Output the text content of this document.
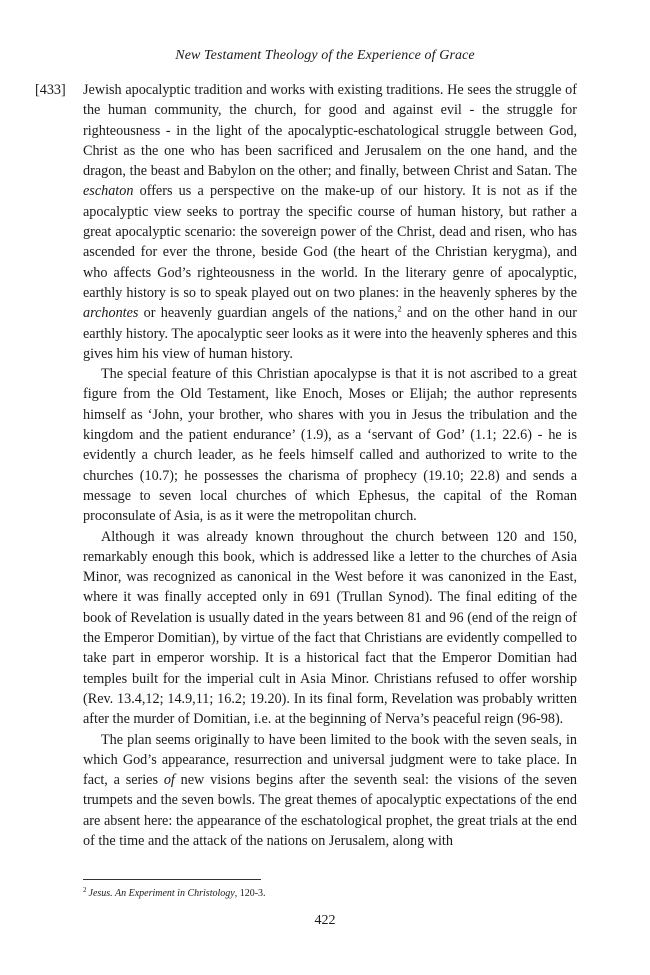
New Testament Theology of the Experience of Grace
[433] Jewish apocalyptic tradition and works with existing traditions. He sees the struggle of the human community, the church, for good and against evil - the struggle for righteousness - in the light of the apocalyptic-eschatological struggle between God, Christ as the one who has been sacrificed and Jerusalem on the one hand, and the dragon, the beast and Babylon on the other; and finally, between Christ and Satan. The eschaton offers us a perspective on the make-up of our history. It is not as if the apocalyptic view seeks to portray the specific course of human history, but rather a great apocalyptic scenario: the sovereign power of the Christ, dead and risen, who has ascended for ever the throne, beside God (the heart of the Christian kerygma), and who affects God’s righteousness in the world. In the literary genre of apocalyptic, earthly history is so to speak played out on two planes: in the heavenly spheres by the archontes or heavenly guardian angels of the nations,$^2$ and on the other hand in our earthly history. The apocalyptic seer looks as it were into the heavenly spheres and this gives him his view of human history.

The special feature of this Christian apocalypse is that it is not ascribed to a great figure from the Old Testament, like Enoch, Moses or Elijah; the author represents himself as ‘John, your brother, who shares with you in Jesus the tribulation and the kingdom and the patient endurance’ (1.9), as a ‘servant of God’ (1.1; 22.6) - he is evidently a church leader, as he feels himself called and authorized to write to the churches (10.7); he possesses the charisma of prophecy (19.10; 22.8) and sends a message to seven local churches of which Ephesus, the capital of the Roman proconsulate of Asia, is as it were the metropolitan church.

Although it was already known throughout the church between 120 and 150, remarkably enough this book, which is addressed like a letter to the churches of Asia Minor, was recognized as canonical in the West before it was canonized in the East, where it was finally accepted only in 691 (Trullan Synod). The final editing of the book of Revelation is usually dated in the years between 81 and 96 (end of the reign of the Emperor Domitian), by virtue of the fact that Christians are evidently compelled to take part in emperor worship. It is a historical fact that the Emperor Domitian had temples built for the imperial cult in Asia Minor. Christians refused to offer worship (Rev. 13.4,12; 14.9,11; 16.2; 19.20). In its final form, Revelation was probably written after the murder of Domitian, i.e. at the beginning of Nerva’s peaceful reign (96-98).

The plan seems originally to have been limited to the book with the seven seals, in which God’s appearance, resurrection and universal judgment were to take place. In fact, a series of new visions begins after the seventh seal: the visions of the seven trumpets and the seven bowls. The great themes of apocalyptic expectations of the end are absent here: the appearance of the eschatological prophet, the great trials at the end of the time and the attack of the nations on Jerusalem, along with

$^2$ Jesus. An Experiment in Christology, 120-3.
422
